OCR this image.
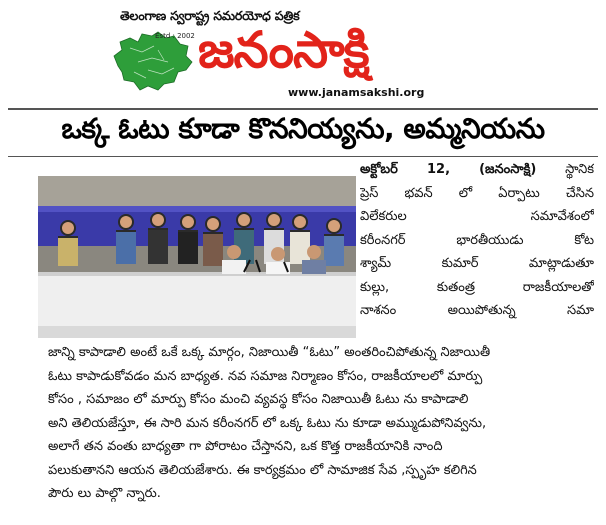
తెలంగాణ స్వరాష్ట్ర సమరయోధ పత్రిక
Estd : 2002 జనంసాక్షి
www.janamsakshi.org
ఒక్క ఓటు కూడా కొననియ్యను, అమ్మనియను
అక్టోబర్ 12, (జనంసాక్షి) స్థానిక
ప్రెస్ భవన్ లో ఏర్పాటు చేసిన
విలేకరుల సమావేశంలో
కరీంనగర్ భారతీయుడు కోట
శ్యామ్ కుమార్ మాట్లాడుతూ
కుల్లు, కుతంత్ర రాజకీయాలతో
నాశనం అయిపోతున్న సమా
జాన్ని కాపాడాలి అంటే ఒకే ఒక్క మార్గం, నిజాయితీ “ఓటు” అంతరించిపోతున్న నిజాయితీ
ఓటు కాపాడుకోవడం మన బాధ్యత. నవ సమాజ నిర్మాణం కోసం, రాజకీయాలలో మార్పు
కోసం , సమాజం లో మార్పు కోసం మంచి వ్యవస్థ కోసం నిజాయితీ ఓటు ను కాపాడాలి
అని తెలియజేస్తూ, ఈ సారి మన కరీంనగర్ లో ఒక్క ఓటు ను కూడా అమ్ముడుపోనివ్వను,
అలాగే తన వంతు బాధ్యతా గా పోరాటం చేస్తానని, ఒక కొత్త రాజకీయానికి నాంది
పలుకుతానని ఆయన తెలియజేశారు. ఈ కార్యక్రమం లో సామాజిక సేవ ,స్పృహ కలిగిన
పౌరు లు పాల్గొ న్నారు.
